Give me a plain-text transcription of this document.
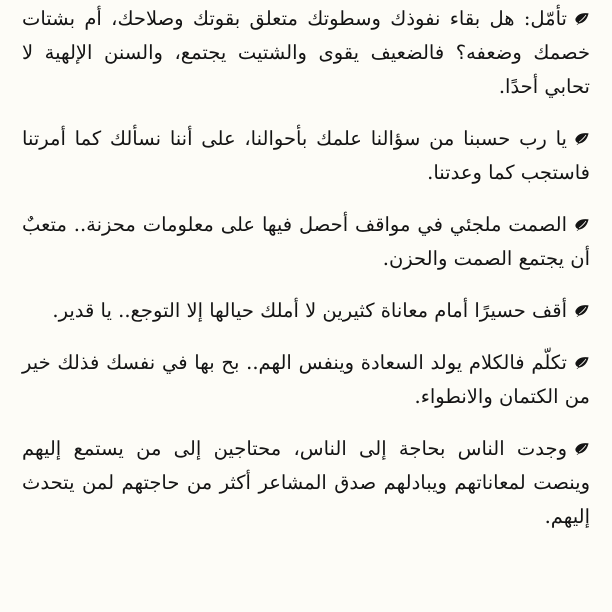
تأمّل: هل بقاء نفوذك وسطوتك متعلق بقوتك وصلاحك، أم بشتات خصمك وضعفه؟ فالضعيف يقوى والشتيت يجتمع، والسنن الإلهية لا تحابي أحدًا.

يا رب حسبنا من سؤالنا علمك بأحوالنا، على أننا نسألك كما أمرتنا فاستجب كما وعدتنا.

الصمت ملجئي في مواقف أحصل فيها على معلومات محزنة.. متعبٌ أن يجتمع الصمت والحزن.

أقف حسيرًا أمام معاناة كثيرين لا أملك حيالها إلا التوجع.. يا قدير.

تكلّم فالكلام يولد السعادة وينفس الهم.. بح بها في نفسك فذلك خير من الكتمان والانطواء.

وجدت الناس بحاجة إلى الناس، محتاجين إلى من يستمع إليهم وينصت لمعاناتهم ويبادلهم صدق المشاعر أكثر من حاجتهم لمن يتحدث إليهم.
